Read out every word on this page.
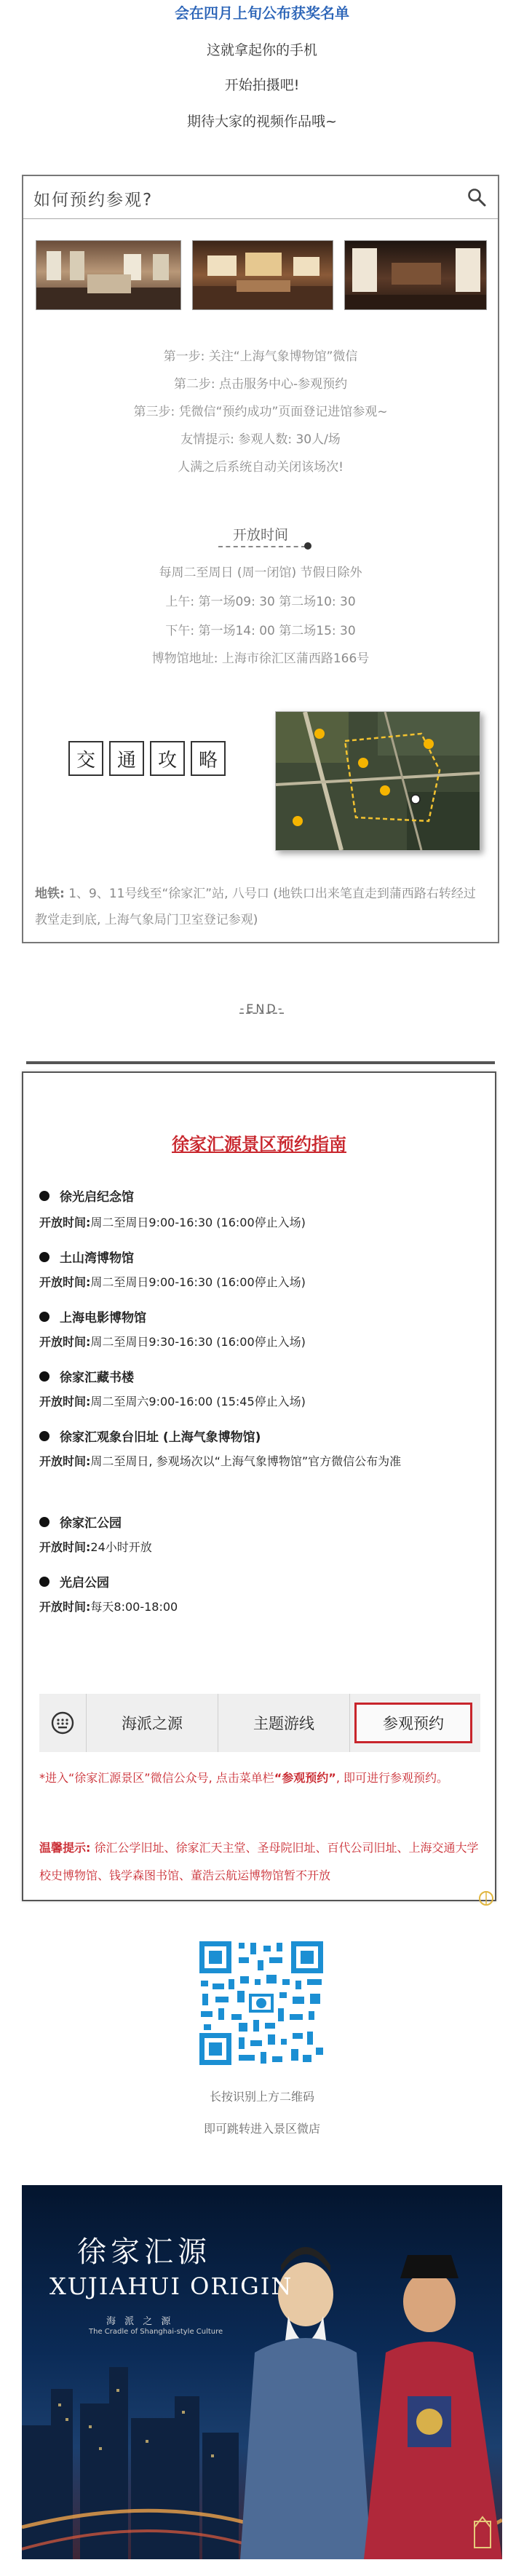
会在四月上旬公布获奖名单
这就拿起你的手机
开始拍摄吧!
期待大家的视频作品哦~
如何预约参观?
第一步: 关注“上海气象博物馆”微信
第二步: 点击服务中心-参观预约
第三步: 凭微信“预约成功”页面登记进馆参观~
友情提示: 参观人数: 30人/场
人满之后系统自动关闭该场次!
开放时间
每周二至周日 (周一闭馆) 节假日除外
上午: 第一场09: 30 第二场10: 30
下午: 第一场14: 00 第二场15: 30
博物馆地址: 上海市徐汇区蒲西路166号
交	通	攻	略
地铁: 1、9、11号线至“徐家汇”站, 八号口 (地铁口出来笔直走到蒲西路右转经过教堂走到底, 上海气象局门卫室登记参观)
-END-
徐家汇源景区预约指南
徐光启纪念馆
开放时间:周二至周日9:00-16:30 (16:00停止入场)
土山湾博物馆
开放时间:周二至周日9:00-16:30 (16:00停止入场)
上海电影博物馆
开放时间:周二至周日9:30-16:30 (16:00停止入场)
徐家汇藏书楼
开放时间:周二至周六9:00-16:00 (15:45停止入场)
徐家汇观象台旧址 (上海气象博物馆)
开放时间:周二至周日, 参观场次以“上海气象博物馆”官方微信公布为准
徐家汇公园
开放时间:24小时开放
光启公园
开放时间:每天8:00-18:00
海派之源	主题游线	参观预约
*进入“徐家汇源景区”微信公众号, 点击菜单栏“参观预约”, 即可进行参观预约。
温馨提示: 徐汇公学旧址、徐家汇天主堂、圣母院旧址、百代公司旧址、上海交通大学校史博物馆、钱学森图书馆、董浩云航运博物馆暂不开放
长按识别上方二维码
即可跳转进入景区微店
徐家汇源
XUJIAHUI ORIGIN
海 派 之 源
The Cradle of Shanghai-style Culture
